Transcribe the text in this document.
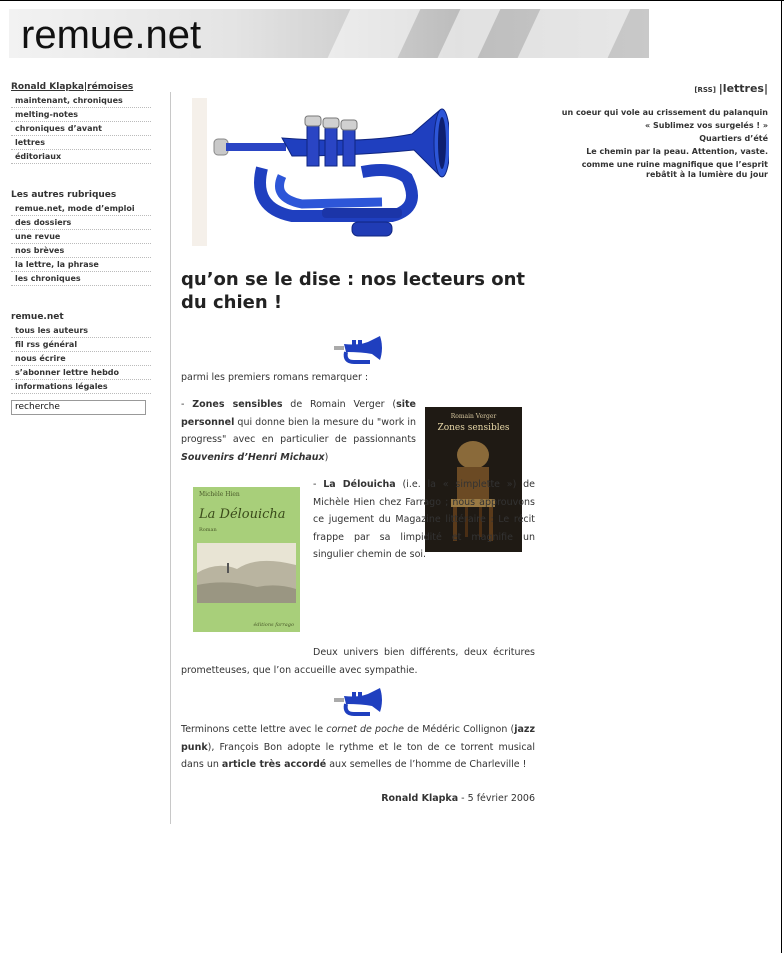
remue.net
Ronald Klapka|rémoises
maintenant, chroniques
melting-notes
chroniques d’avant
lettres
éditoriaux
Les autres rubriques
remue.net, mode d’emploi
des dossiers
une revue
nos brèves
la lettre, la phrase
les chroniques
remue.net
tous les auteurs
fil rss général
nous écrire
s’abonner lettre hebdo
informations légales
recherche
qu’on se le dise : nos lecteurs ont du chien !
parmi les premiers romans remarquer :
- Zones sensibles de Romain Verger (site personnel qui donne bien la mesure du "work in progress" avec en particulier de passionnants Souvenirs d’Henri Michaux)
Romain Verger
Zones sensibles
Michèle Hien
La Délouicha
Roman
éditions farrago
- La Délouicha (i.e. la « simplette ») de Michèle Hien chez Farrago ; nous approuvons ce jugement du Magazine littéraire : Le récit frappe par sa limpidité et magnifie un singulier chemin de soi.
Deux univers bien différents, deux écritures prometteuses, que l’on accueille avec sympathie.
Terminons cette lettre avec le cornet de poche de Médéric Collignon (jazz punk), François Bon adopte le rythme et le ton de ce torrent musical dans un article très accordé aux semelles de l’homme de Charleville !
Ronald Klapka - 5 février 2006
[RSS] |lettres|
un coeur qui vole au crissement du palanquin
« Sublimez vos surgelés ! »
Quartiers d’été
Le chemin par la peau. Attention, vaste.
comme une ruine magnifique que l’esprit rebâtit à la lumière du jour
